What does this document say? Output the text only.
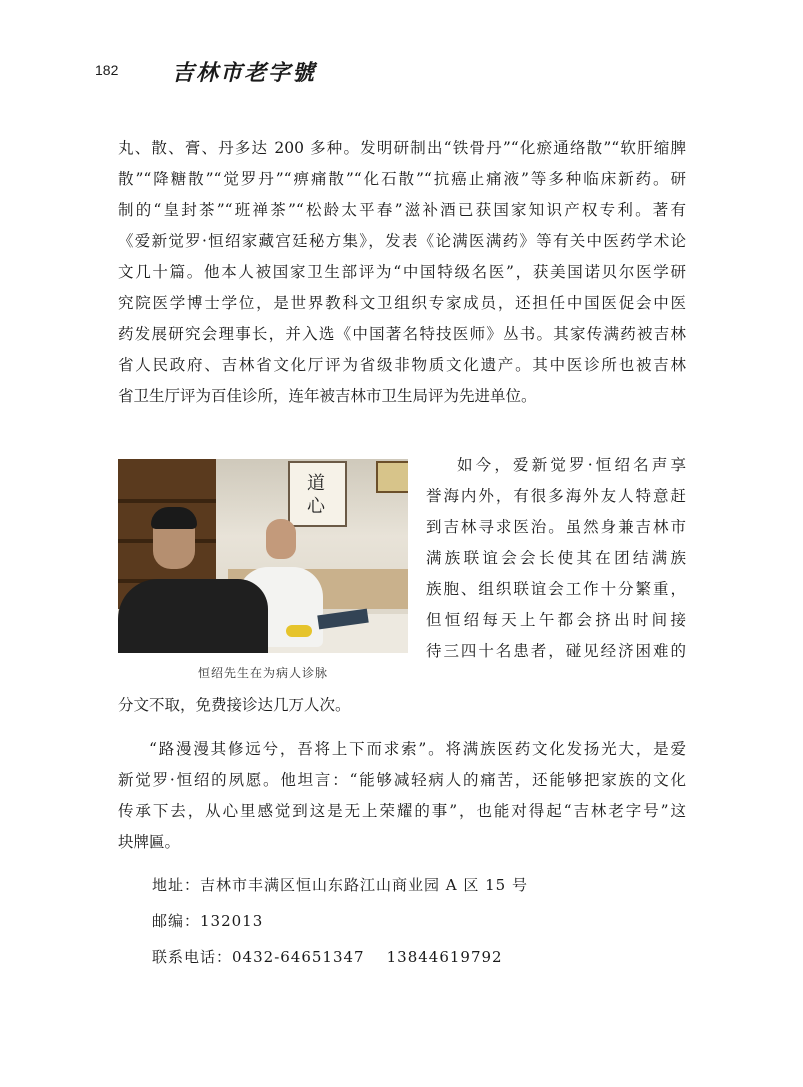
182 吉林市老字號
丸、散、膏、丹多达 200 多种。发明研制出“铁骨丹”“化瘀通络散”“软肝缩脾
散”“降糖散”“觉罗丹”“痹痛散”“化石散”“抗癌止痛液”等多种临床新药。研
制的“皇封茶”“班禅茶”“松龄太平春”滋补酒已获国家知识产权专利。著有
《爱新觉罗·恒绍家藏宫廷秘方集》，发表《论满医满药》等有关中医药学术论
文几十篇。他本人被国家卫生部评为“中国特级名医”，获美国诺贝尔医学研
究院医学博士学位，是世界教科文卫组织专家成员，还担任中国医促会中医
药发展研究会理事长，并入选《中国著名特技医师》丛书。其家传满药被吉林
省人民政府、吉林省文化厅评为省级非物质文化遗产。其中医诊所也被吉林
省卫生厅评为百佳诊所，连年被吉林市卫生局评为先进单位。
道
心
恒绍先生在为病人诊脉
如今，爱新觉罗·恒绍名声享
誉海内外，有很多海外友人特意赶
到吉林寻求医治。虽然身兼吉林市
满族联谊会会长使其在团结满族
族胞、组织联谊会工作十分繁重，
但恒绍每天上午都会挤出时间接
待三四十名患者，碰见经济困难的
分文不取，免费接诊达几万人次。
“路漫漫其修远兮，吾将上下而求索”。将满族医药文化发扬光大，是爱
新觉罗·恒绍的夙愿。他坦言：“能够减轻病人的痛苦，还能够把家族的文化
传承下去，从心里感觉到这是无上荣耀的事”，也能对得起“吉林老字号”这
块牌匾。
地址：吉林市丰满区恒山东路江山商业园 A 区 15 号
邮编：132013
联系电话：0432-64651347 13844619792
